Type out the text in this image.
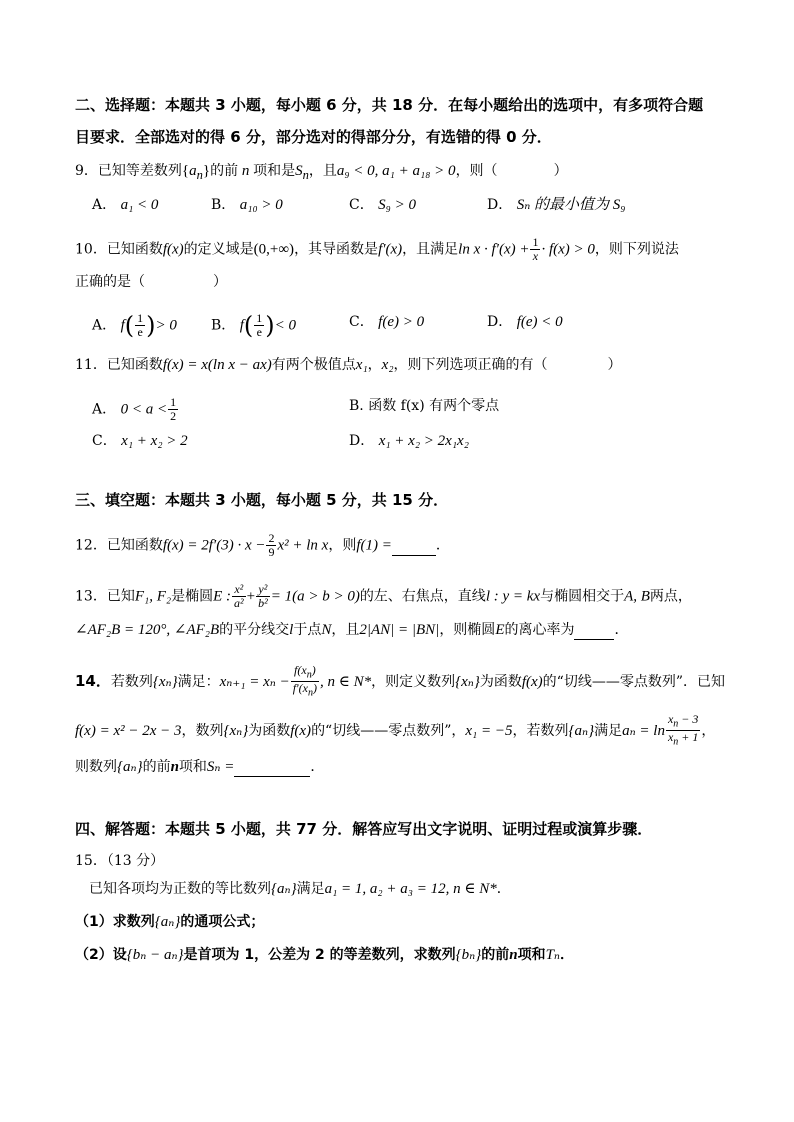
二、选择题：本题共 3 小题，每小题 6 分，共 18 分．在每小题给出的选项中，有多项符合题
目要求．全部选对的得 6 分，部分选对的得部分分，有选错的得 0 分．
9．已知等差数列$\{a_n\}$的前 n 项和是$S_n$，且a₉ < 0, a₁ + a₁₈ > 0，则（	）
A． a₁ < 0	B． a₁₀ > 0	C． S₉ > 0	D． Sₙ 的最小值为 S₉
10．已知函数f(x)的定义域是(0,+∞)，其导函数是f′(x)，且满足$\ln x \cdot f'(x) + \frac{1}{x} \cdot f(x) > 0$，则下列说法
正确的是（	）
A． $f( \frac{1}{e}$ )> 0 B． $f( \frac{1}{e}$ )< 0	C． f(e) > 0	D． f(e) < 0
11．已知函数f(x) = x(ln x − ax)有两个极值点x₁，x₂，则下列选项正确的有（	）
A． $0 < a < \frac{1}{2}$	B. 函数 f(x) 有两个零点
C． x₁ + x₂ > 2	D． x₁ + x₂ > 2x₁x₂
三、填空题：本题共 3 小题，每小题 5 分，共 15 分．
12．已知函数$f(x) = 2f'(3) \cdot x - \frac{2}{9} x^2 + \ln x$，则f(1) =	．
13．已知F₁, F₂是椭圆E : $\frac{\text{x²}}{\text{a²}} + \frac{\text{y²}}{\text{b²}} = 1(a > b > 0)$的左、右焦点，直线l : y = kx与椭圆相交于A, B两点，
∠AF₂B = 120°, ∠AF₂B的平分线交l于点N，且2|AN| = |BN|，则椭圆E的离心率为	．
14．若数列{xₙ}满足：$x_{n+1} = x_n - \frac{f(x_n)}{f'(x_n)}$ , n ∈ N*，则定义数列{xₙ}为函数f(x)的“切线——零点数列”．已知
f(x) = x² − 2x − 3，数列{xₙ}为函数f(x)的“切线——零点数列”，x₁ = −5，若数列{aₙ}满足$a_n = \ln \frac{x_n - 3}{x_n + 1}$ ，
则数列{aₙ}的前n项和Sₙ =	．
四、解答题：本题共 5 小题，共 77 分．解答应写出文字说明、证明过程或演算步骤．
15．（13 分）
已知各项均为正数的等比数列{aₙ}满足a₁ = 1, a₂ + a₃ = 12, n ∈ N*．
（1）求数列{aₙ}的通项公式；
（2）设{bₙ − aₙ}是首项为 1，公差为 2 的等差数列，求数列{bₙ}的前n项和Tₙ．
